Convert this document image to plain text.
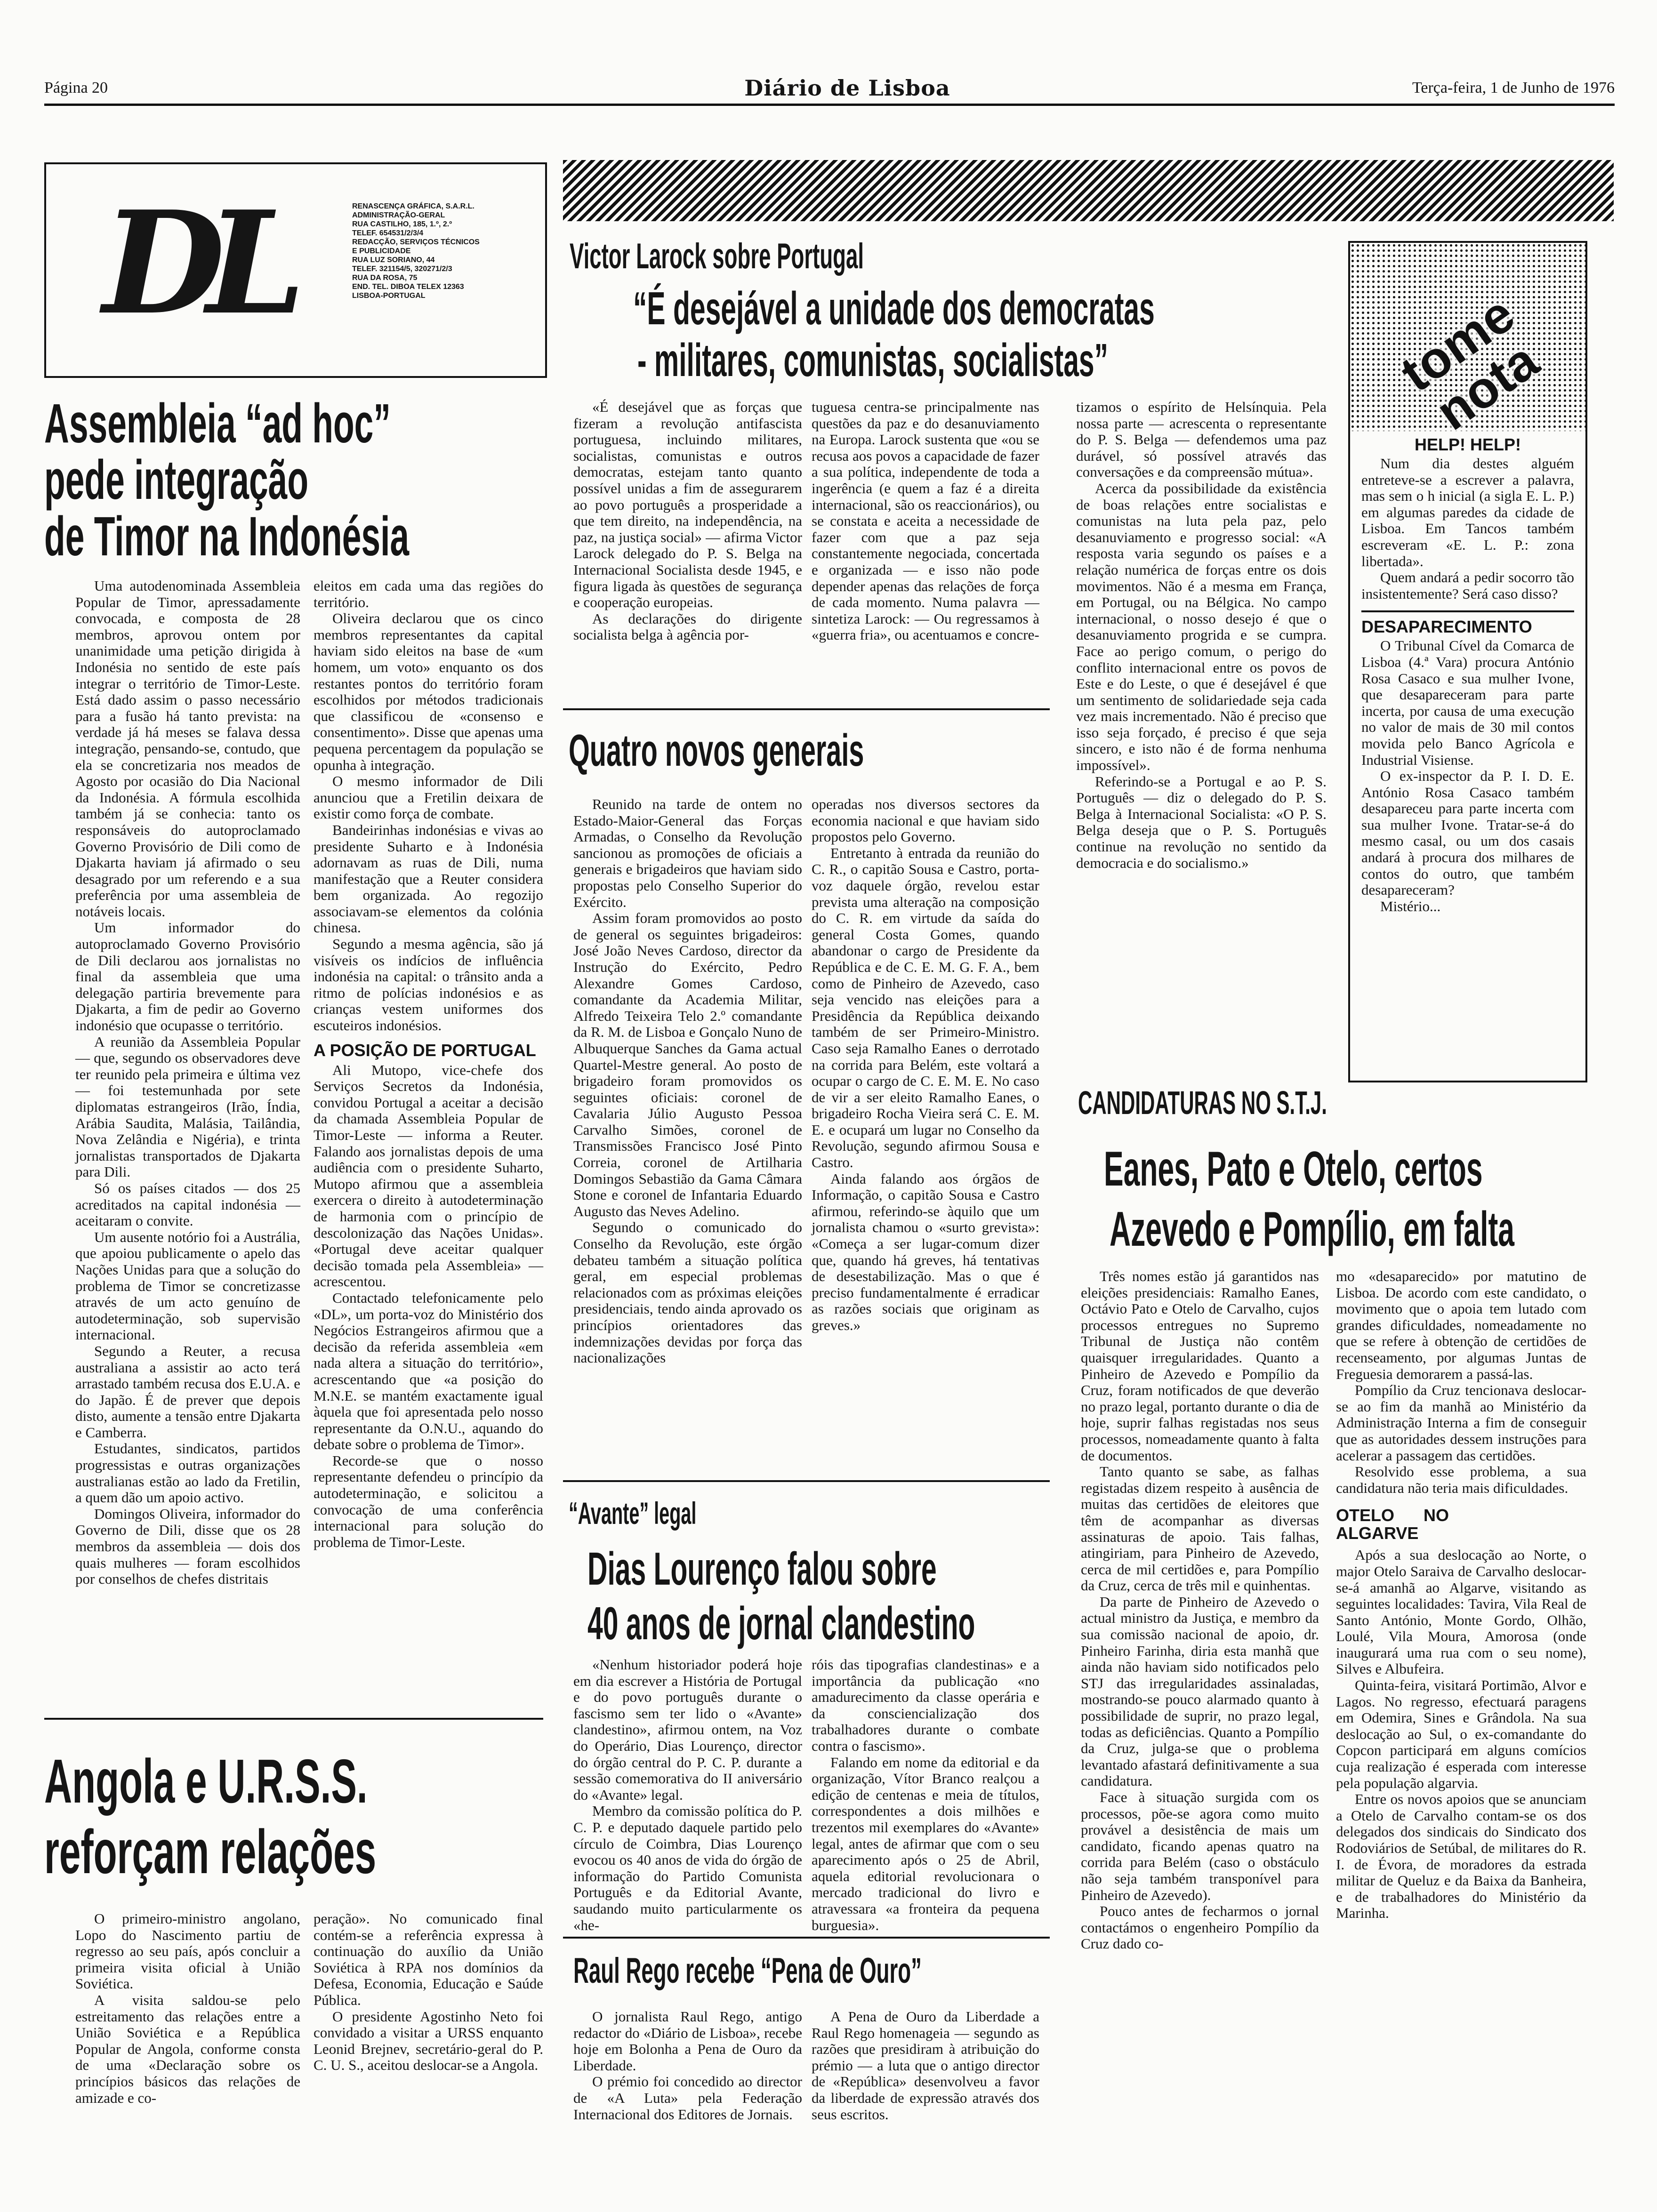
Página 20	Diário de Lisboa	Terça-feira, 1 de Junho de 1976
DL	RENASCENÇA GRÁFICA, S.A.R.L.
ADMINISTRAÇÃO-GERAL
RUA CASTILHO, 185, 1.º, 2.º
TELEF. 654531/2/3/4
REDACÇÃO, SERVIÇOS TÉCNICOS
E PUBLICIDADE
RUA LUZ SORIANO, 44
TELEF. 321154/5, 320271/2/3
RUA DA ROSA, 75
END. TEL. DIBOA TELEX 12363
LISBOA-PORTUGAL
Assembleia “ad hoc”
pede integração
de Timor na Indonésia

Uma autodenominada Assembleia Popular de Timor, apressadamente convocada, e composta de 28 membros, aprovou ontem por unanimidade uma petição dirigida à Indonésia no sentido de este país integrar o território de Timor-Leste. Está dado assim o passo necessário para a fusão há tanto prevista: na verdade já há meses se falava dessa integração, pensando-se, contudo, que ela se concretizaria nos meados de Agosto por ocasião do Dia Nacional da Indonésia. A fórmula escolhida também já se conhecia: tanto os responsáveis do autoproclamado Governo Provisório de Dili como de Djakarta haviam já afirmado o seu desagrado por um referendo e a sua preferência por uma assembleia de notáveis locais.

Um informador do autoproclamado Governo Provisório de Dili declarou aos jornalistas no final da assembleia que uma delegação partiria brevemente para Djakarta, a fim de pedir ao Governo indonésio que ocupasse o território.

A reunião da Assembleia Popular — que, segundo os observadores deve ter reunido pela primeira e última vez — foi testemunhada por sete diplomatas estrangeiros (Irão, Índia, Arábia Saudita, Malásia, Tailândia, Nova Zelândia e Nigéria), e trinta jornalistas transportados de Djakarta para Dili.

Só os países citados — dos 25 acreditados na capital indonésia — aceitaram o convite.

Um ausente notório foi a Austrália, que apoiou publicamente o apelo das Nações Unidas para que a solução do problema de Timor se concretizasse através de um acto genuíno de autodeterminação, sob supervisão internacional.

Segundo a Reuter, a recusa australiana a assistir ao acto terá arrastado também recusa dos E.U.A. e do Japão. É de prever que depois disto, aumente a tensão entre Djakarta e Camberra.

Estudantes, sindicatos, partidos progressistas e outras organizações australianas estão ao lado da Fretilin, a quem dão um apoio activo.

Domingos Oliveira, informador do Governo de Dili, disse que os 28 membros da assembleia — dois dos quais mulheres — foram escolhidos por conselhos de chefes distritais

eleitos em cada uma das regiões do território.

Oliveira declarou que os cinco membros representantes da capital haviam sido eleitos na base de «um homem, um voto» enquanto os dos restantes pontos do território foram escolhidos por métodos tradicionais que classificou de «consenso e consentimento». Disse que apenas uma pequena percentagem da população se opunha à integração.

O mesmo informador de Dili anunciou que a Fretilin deixara de existir como força de combate.

Bandeirinhas indonésias e vivas ao presidente Suharto e à Indonésia adornavam as ruas de Dili, numa manifestação que a Reuter considera bem organizada. Ao regozijo associavam-se elementos da colónia chinesa.

Segundo a mesma agência, são já visíveis os indícios de influência indonésia na capital: o trânsito anda a ritmo de polícias indonésios e as crianças vestem uniformes dos escuteiros indonésios.

A POSIÇÃO DE PORTUGAL

Ali Mutopo, vice-chefe dos Serviços Secretos da Indonésia, convidou Portugal a aceitar a decisão da chamada Assembleia Popular de Timor-Leste — informa a Reuter. Falando aos jornalistas depois de uma audiência com o presidente Suharto, Mutopo afirmou que a assembleia exercera o direito à autodeterminação de harmonia com o princípio de descolonização das Nações Unidas». «Portugal deve aceitar qualquer decisão tomada pela Assembleia» — acrescentou.

Contactado telefonicamente pelo «DL», um porta-voz do Ministério dos Negócios Estrangeiros afirmou que a decisão da referida assembleia «em nada altera a situação do território», acrescentando que «a posição do M.N.E. se mantém exactamente igual àquela que foi apresentada pelo nosso representante da O.N.U., aquando do debate sobre o problema de Timor».

Recorde-se que o nosso representante defendeu o princípio da autodeterminação, e solicitou a convocação de uma conferência internacional para solução do problema de Timor-Leste.

Angola e U.R.S.S.
reforçam relações

O primeiro-ministro angolano, Lopo do Nascimento partiu de regresso ao seu país, após concluir a primeira visita oficial à União Soviética.

A visita saldou-se pelo estreitamento das relações entre a União Soviética e a República Popular de Angola, conforme consta de uma «Declaração sobre os princípios básicos das relações de amizade e co-

peração». No comunicado final contém-se a referência expressa à continuação do auxílio da União Soviética à RPA nos domínios da Defesa, Economia, Educação e Saúde Pública.

O presidente Agostinho Neto foi convidado a visitar a URSS enquanto Leonid Brejnev, secretário-geral do P. C. U. S., aceitou deslocar-se a Angola.

Victor Larock sobre Portugal
“É desejável a unidade dos democratas
- militares, comunistas, socialistas”

«É desejável que as forças que fizeram a revolução antifascista portuguesa, incluindo militares, socialistas, comunistas e outros democratas, estejam tanto quanto possível unidas a fim de assegurarem ao povo português a prosperidade a que tem direito, na independência, na paz, na justiça social» — afirma Victor Larock delegado do P. S. Belga na Internacional Socialista desde 1945, e figura ligada às questões de segurança e cooperação europeias.

As declarações do dirigente socialista belga à agência por-

tuguesa centra-se principalmente nas questões da paz e do desanuviamento na Europa. Larock sustenta que «ou se recusa aos povos a capacidade de fazer a sua política, independente de toda a ingerência (e quem a faz é a direita internacional, são os reaccionários), ou se constata e aceita a necessidade de fazer com que a paz seja constantemente negociada, concertada e organizada — e isso não pode depender apenas das relações de força de cada momento. Numa palavra — sintetiza Larock: — Ou regressamos à «guerra fria», ou acentuamos e concre-

tizamos o espírito de Helsínquia. Pela nossa parte — acrescenta o representante do P. S. Belga — defendemos uma paz durável, só possível através das conversações e da compreensão mútua».

Acerca da possibilidade da existência de boas relações entre socialistas e comunistas na luta pela paz, pelo desanuviamento e progresso social: «A resposta varia segundo os países e a relação numérica de forças entre os dois movimentos. Não é a mesma em França, em Portugal, ou na Bélgica. No campo internacional, o nosso desejo é que o desanuviamento progrida e se cumpra. Face ao perigo comum, o perigo do conflito internacional entre os povos de Este e do Leste, o que é desejável é que um sentimento de solidariedade seja cada vez mais incrementado. Não é preciso que isso seja forçado, é preciso é que seja sincero, e isto não é de forma nenhuma impossível».

Referindo-se a Portugal e ao P. S. Português — diz o delegado do P. S. Belga à Internacional Socialista: «O P. S. Belga deseja que o P. S. Português continue na revolução no sentido da democracia e do socialismo.»

Quatro novos generais

Reunido na tarde de ontem no Estado-Maior-General das Forças Armadas, o Conselho da Revolução sancionou as promoções de oficiais a generais e brigadeiros que haviam sido propostas pelo Conselho Superior do Exército.

Assim foram promovidos ao posto de general os seguintes brigadeiros: José João Neves Cardoso, director da Instrução do Exército, Pedro Alexandre Gomes Cardoso, comandante da Academia Militar, Alfredo Teixeira Telo 2.º comandante da R. M. de Lisboa e Gonçalo Nuno de Albuquerque Sanches da Gama actual Quartel-Mestre general. Ao posto de brigadeiro foram promovidos os seguintes oficiais: coronel de Cavalaria Júlio Augusto Pessoa Carvalho Simões, coronel de Transmissões Francisco José Pinto Correia, coronel de Artilharia Domingos Sebastião da Gama Câmara Stone e coronel de Infantaria Eduardo Augusto das Neves Adelino.

Segundo o comunicado do Conselho da Revolução, este órgão debateu também a situação política geral, em especial problemas relacionados com as próximas eleições presidenciais, tendo ainda aprovado os princípios orientadores das indemnizações devidas por força das nacionalizações

operadas nos diversos sectores da economia nacional e que haviam sido propostos pelo Governo.

Entretanto à entrada da reunião do C. R., o capitão Sousa e Castro, porta-voz daquele órgão, revelou estar prevista uma alteração na composição do C. R. em virtude da saída do general Costa Gomes, quando abandonar o cargo de Presidente da República e de C. E. M. G. F. A., bem como de Pinheiro de Azevedo, caso seja vencido nas eleições para a Presidência da República deixando também de ser Primeiro-Ministro. Caso seja Ramalho Eanes o derrotado na corrida para Belém, este voltará a ocupar o cargo de C. E. M. E. No caso de vir a ser eleito Ramalho Eanes, o brigadeiro Rocha Vieira será C. E. M. E. e ocupará um lugar no Conselho da Revolução, segundo afirmou Sousa e Castro.

Ainda falando aos órgãos de Informação, o capitão Sousa e Castro afirmou, referindo-se àquilo que um jornalista chamou o «surto grevista»: «Começa a ser lugar-comum dizer que, quando há greves, há tentativas de desestabilização. Mas o que é preciso fundamentalmente é erradicar as razões sociais que originam as greves.»

“Avante” legal
Dias Lourenço falou sobre
40 anos de jornal clandestino

«Nenhum historiador poderá hoje em dia escrever a História de Portugal e do povo português durante o fascismo sem ter lido o «Avante» clandestino», afirmou ontem, na Voz do Operário, Dias Lourenço, director do órgão central do P. C. P. durante a sessão comemorativa do II aniversário do «Avante» legal.

Membro da comissão política do P. C. P. e deputado daquele partido pelo círculo de Coimbra, Dias Lourenço evocou os 40 anos de vida do órgão de informação do Partido Comunista Português e da Editorial Avante, saudando muito particularmente os «he-

róis das tipografias clandestinas» e a importância da publicação «no amadurecimento da classe operária e da consciencialização dos trabalhadores durante o combate contra o fascismo».

Falando em nome da editorial e da organização, Vítor Branco realçou a edição de centenas e meia de títulos, correspondentes a dois milhões e trezentos mil exemplares do «Avante» legal, antes de afirmar que com o seu aparecimento após o 25 de Abril, aquela editorial revolucionara o mercado tradicional do livro e atravessara «a fronteira da pequena burguesia».

Raul Rego recebe “Pena de Ouro”

O jornalista Raul Rego, antigo redactor do «Diário de Lisboa», recebe hoje em Bolonha a Pena de Ouro da Liberdade.

O prémio foi concedido ao director de «A Luta» pela Federação Internacional dos Editores de Jornais.

A Pena de Ouro da Liberdade a Raul Rego homenageia — segundo as razões que presidiram à atribuição do prémio — a luta que o antigo director de «República» desenvolveu a favor da liberdade de expressão através dos seus escritos.

tome nota
HELP! HELP!

Num dia destes alguém entreteve-se a escrever a palavra, mas sem o h inicial (a sigla E. L. P.) em algumas paredes da cidade de Lisboa. Em Tancos também escreveram «E. L. P.: zona libertada».

Quem andará a pedir socorro tão insistentemente? Será caso disso?

DESAPARECIMENTO

O Tribunal Cível da Comarca de Lisboa (4.ª Vara) procura António Rosa Casaco e sua mulher Ivone, que desapareceram para parte incerta, por causa de uma execução no valor de mais de 30 mil contos movida pelo Banco Agrícola e Industrial Visiense.

O ex-inspector da P. I. D. E. António Rosa Casaco também desapareceu para parte incerta com sua mulher Ivone. Tratar-se-á do mesmo casal, ou um dos casais andará à procura dos milhares de contos do outro, que também desapareceram?

Mistério...

CANDIDATURAS NO S.T.J.
Eanes, Pato e Otelo, certos
Azevedo e Pompílio, em falta

Três nomes estão já garantidos nas eleições presidenciais: Ramalho Eanes, Octávio Pato e Otelo de Carvalho, cujos processos entregues no Supremo Tribunal de Justiça não contêm quaisquer irregularidades. Quanto a Pinheiro de Azevedo e Pompílio da Cruz, foram notificados de que deverão no prazo legal, portanto durante o dia de hoje, suprir falhas registadas nos seus processos, nomeadamente quanto à falta de documentos.

Tanto quanto se sabe, as falhas registadas dizem respeito à ausência de muitas das certidões de eleitores que têm de acompanhar as diversas assinaturas de apoio. Tais falhas, atingiriam, para Pinheiro de Azevedo, cerca de mil certidões e, para Pompílio da Cruz, cerca de três mil e quinhentas.

Da parte de Pinheiro de Azevedo o actual ministro da Justiça, e membro da sua comissão nacional de apoio, dr. Pinheiro Farinha, diria esta manhã que ainda não haviam sido notificados pelo STJ das irregularidades assinaladas, mostrando-se pouco alarmado quanto à possibilidade de suprir, no prazo legal, todas as deficiências. Quanto a Pompílio da Cruz, julga-se que o problema levantado afastará definitivamente a sua candidatura.

Face à situação surgida com os processos, põe-se agora como muito provável a desistência de mais um candidato, ficando apenas quatro na corrida para Belém (caso o obstáculo não seja também transponível para Pinheiro de Azevedo).

Pouco antes de fecharmos o jornal contactámos o engenheiro Pompílio da Cruz dado co-

mo «desaparecido» por matutino de Lisboa. De acordo com este candidato, o movimento que o apoia tem lutado com grandes dificuldades, nomeadamente no que se refere à obtenção de certidões de recenseamento, por algumas Juntas de Freguesia demorarem a passá-las.

Pompílio da Cruz tencionava deslocar-se ao fim da manhã ao Ministério da Administração Interna a fim de conseguir que as autoridades dessem instruções para acelerar a passagem das certidões.

Resolvido esse problema, a sua candidatura não teria mais dificuldades.

OTELO NO ALGARVE

Após a sua deslocação ao Norte, o major Otelo Saraiva de Carvalho deslocar-se-á amanhã ao Algarve, visitando as seguintes localidades: Tavira, Vila Real de Santo António, Monte Gordo, Olhão, Loulé, Vila Moura, Amorosa (onde inaugurará uma rua com o seu nome), Silves e Albufeira.

Quinta-feira, visitará Portimão, Alvor e Lagos. No regresso, efectuará paragens em Odemira, Sines e Grândola. Na sua deslocação ao Sul, o ex-comandante do Copcon participará em alguns comícios cuja realização é esperada com interesse pela população algarvia.

Entre os novos apoios que se anunciam a Otelo de Carvalho contam-se os dos delegados dos sindicais do Sindicato dos Rodoviários de Setúbal, de militares do R. I. de Évora, de moradores da estrada militar de Queluz e da Baixa da Banheira, e de trabalhadores do Ministério da Marinha.
